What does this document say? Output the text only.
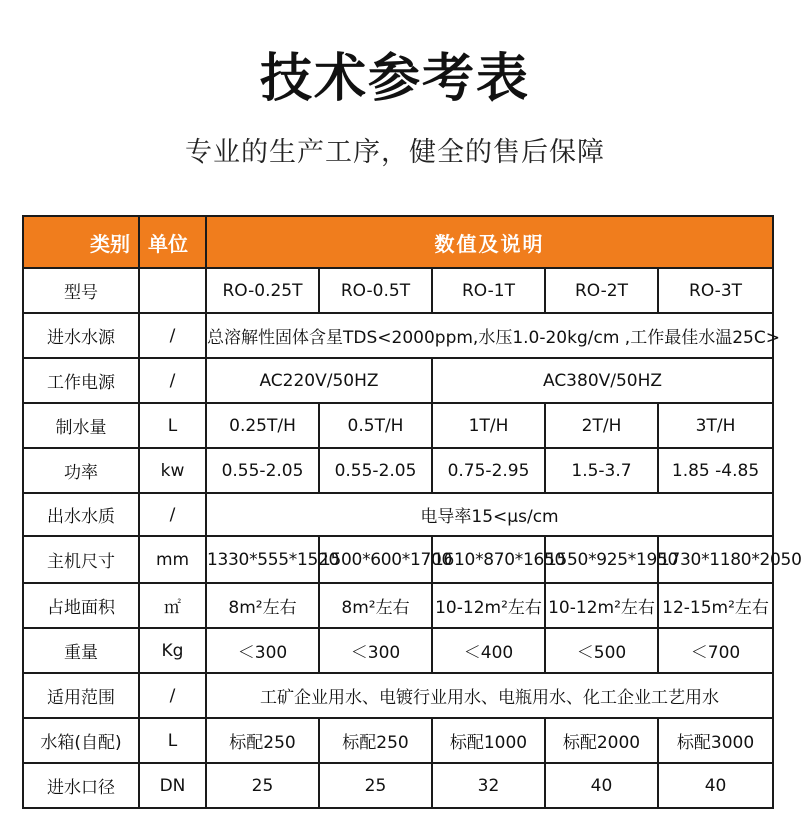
技术参考表
专业的生产工序，健全的售后保障
类别	单位	数值及说明				
型号		RO-0.25T	RO-0.5T	RO-1T	RO-2T	RO-3T
进水水源	/	总溶解性固体含星TDS<2000ppm,水压1.0-20kg/cm ,工作最佳水温25C>				
工作电源	/	AC220V/50HZ		AC380V/50HZ		
制水量	L	0.25T/H	0.5T/H	1T/H	2T/H	3T/H
功率	kw	0.55-2.05	0.55-2.05	0.75-2.95	1.5-3.7	1.85 -4.85
出水水质	/	电导率15<μs/cm				
主机尺寸	mm	1330*555*1520	1500*600*1700	1610*870*1650	1550*925*1950	1730*1180*2050
占地面积	㎡	8m²左右	8m²左右	10-12m²左右	10-12m²左右	12-15m²左右
重量	Kg	＜300	＜300	＜400	＜500	＜700
适用范围	/	工矿企业用水、电镀行业用水、电瓶用水、化工企业工艺用水				
水箱(自配)	L	标配250	标配250	标配1000	标配2000	标配3000
进水口径	DN	25	25	32	40	40
